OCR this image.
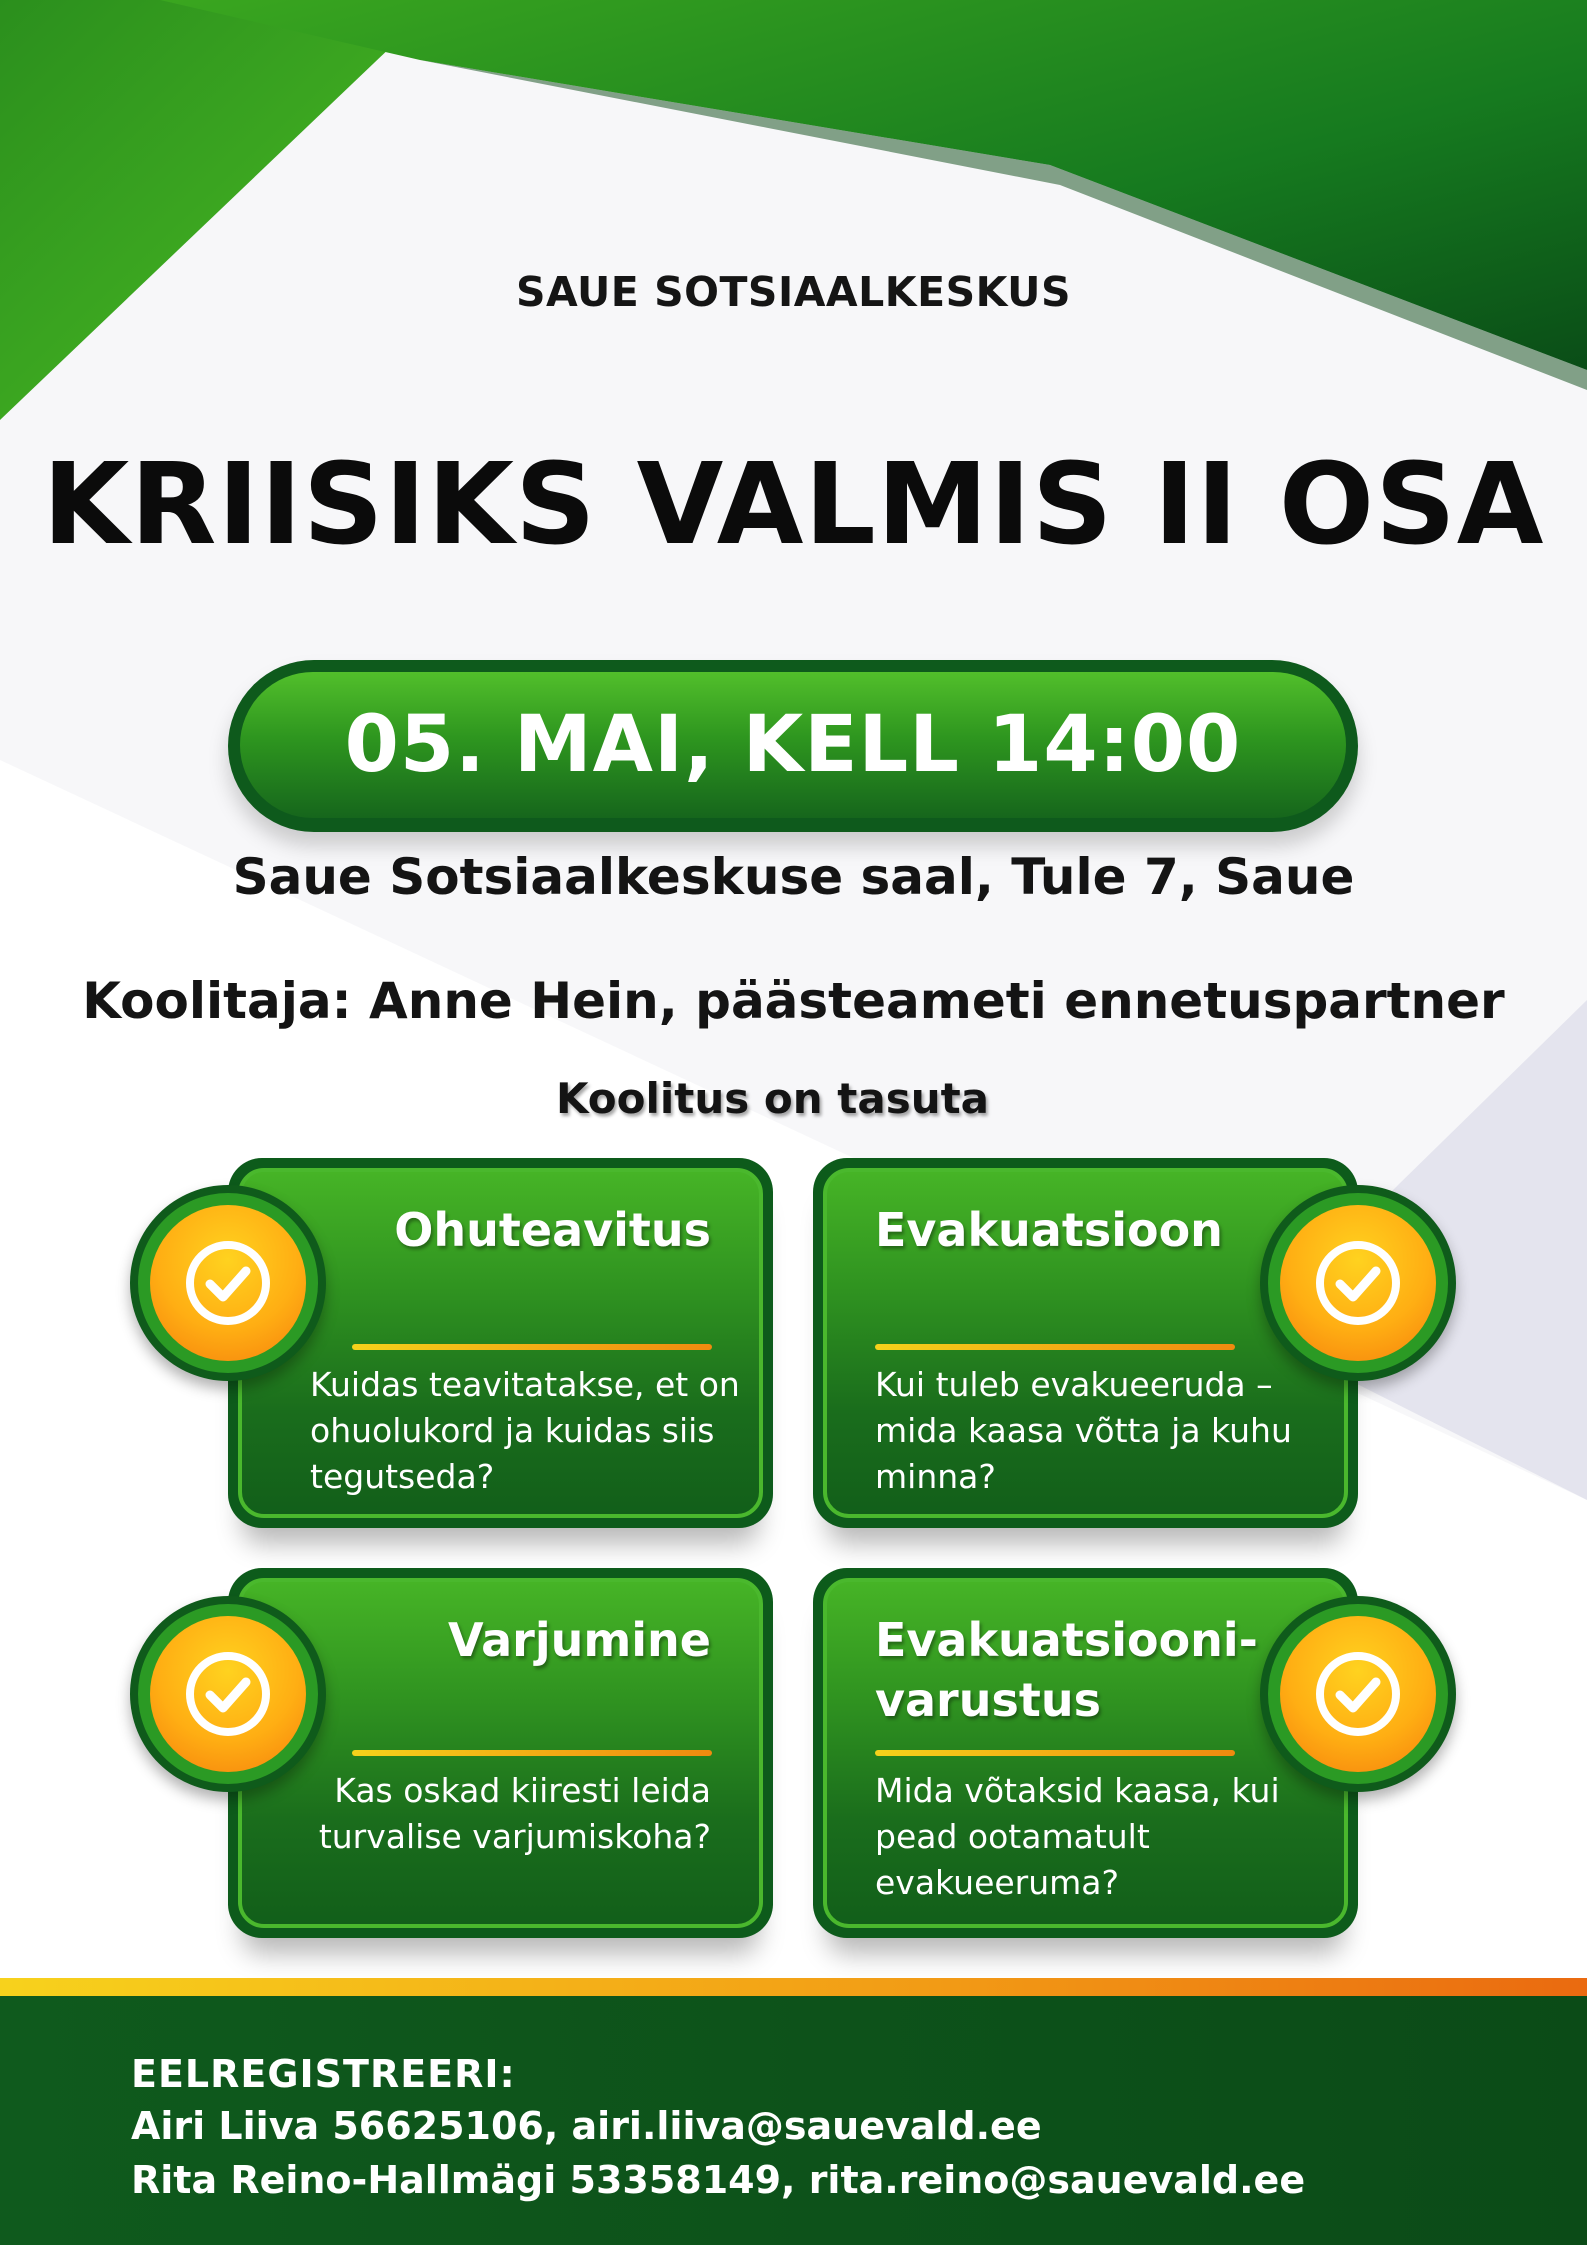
SAUE SOTSIAALKESKUS
KRIISIKS VALMIS II OSA
05. MAI, KELL 14:00
Saue Sotsiaalkeskuse saal, Tule 7, Saue
Koolitaja: Anne Hein, päästeameti ennetuspartner
Koolitus on tasuta
Ohuteavitus
Kuidas teavitatakse, et on
ohuolukord ja kuidas siis
tegutseda?
Evakuatsioon
Kui tuleb evakueeruda –
mida kaasa võtta ja kuhu
minna?
Varjumine
Kas oskad kiiresti leida
turvalise varjumiskoha?
Evakuatsiooni-
varustus
Mida võtaksid kaasa, kui
pead ootamatult
evakueeruma?
EELREGISTREERI:
Airi Liiva 56625106, airi.liiva@sauevald.ee
Rita Reino-Hallmägi 53358149, rita.reino@sauevald.ee
